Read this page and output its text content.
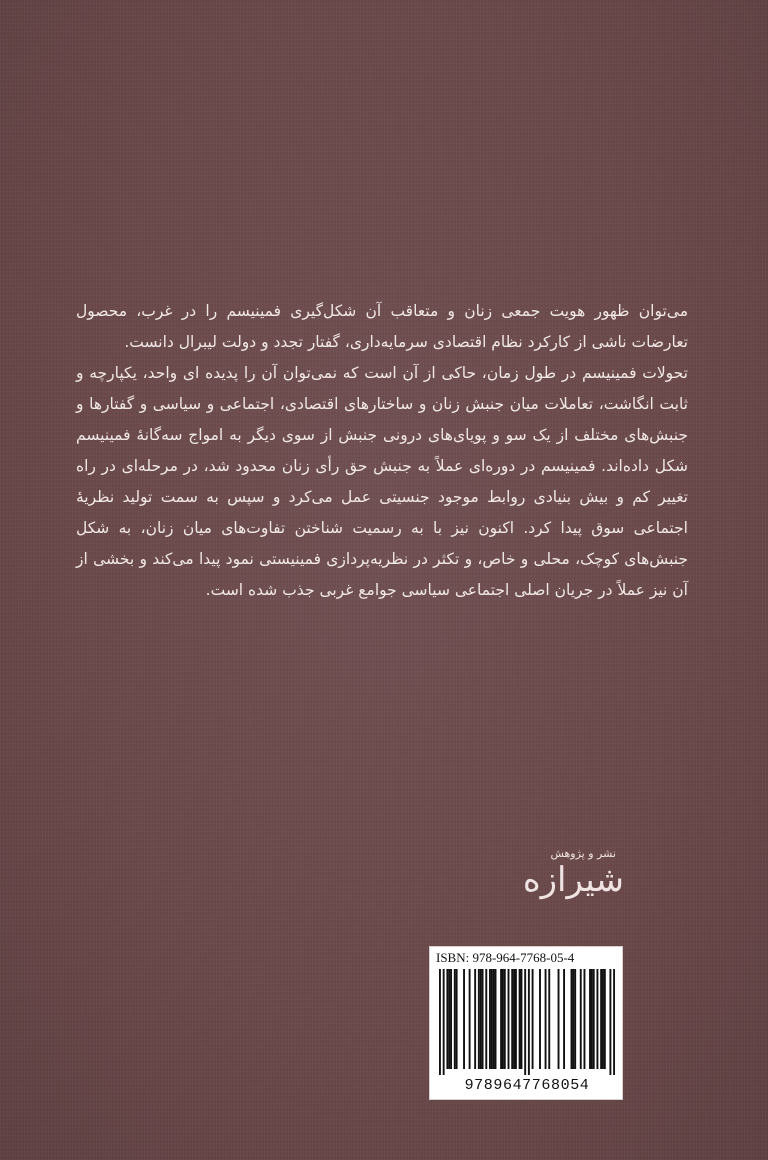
می‌توان ظهور هویت جمعی زنان و متعاقب آن شکل‌گیری فمینیسم را در غرب، محصول تعارضات ناشی از کارکرد نظام اقتصادی سرمایه‌داری، گفتار تجدد و دولت لیبرال دانست.

تحولات فمینیسم در طول زمان، حاکی از آن است که نمی‌توان آن را پدیده ای واحد، یکپارچه و ثابت انگاشت، تعاملات میان جنبش زنان و ساختارهای اقتصادی، اجتماعی و سیاسی و گفتارها و جنبش‌های مختلف از یک سو و پویای‌های درونی جنبش از سوی دیگر به امواج سه‌گانهٔ فمینیسم شکل داده‌اند. فمینیسم در دوره‌ای عملاً به جنبش حق رأی زنان محدود شد، در مرحله‌ای در راه تغییر کم و بیش بنیادی روابط موجود جنسیتی عمل می‌کرد و سپس به سمت تولید نظریهٔ اجتماعی سوق پیدا کرد. اکنون نیز با به رسمیت شناختن تفاوت‌های میان زنان، به شکل جنبش‌های کوچک، محلی و خاص، و تکثر در نظریه‌پردازی فمینیستی نمود پیدا می‌کند و بخشی از آن نیز عملاً در جریان اصلی اجتماعی سیاسی جوامع غربی جذب شده است.

نشر و پژوهش
شیرازه
ISBN: 978-964-7768-05-4
9789647768054
